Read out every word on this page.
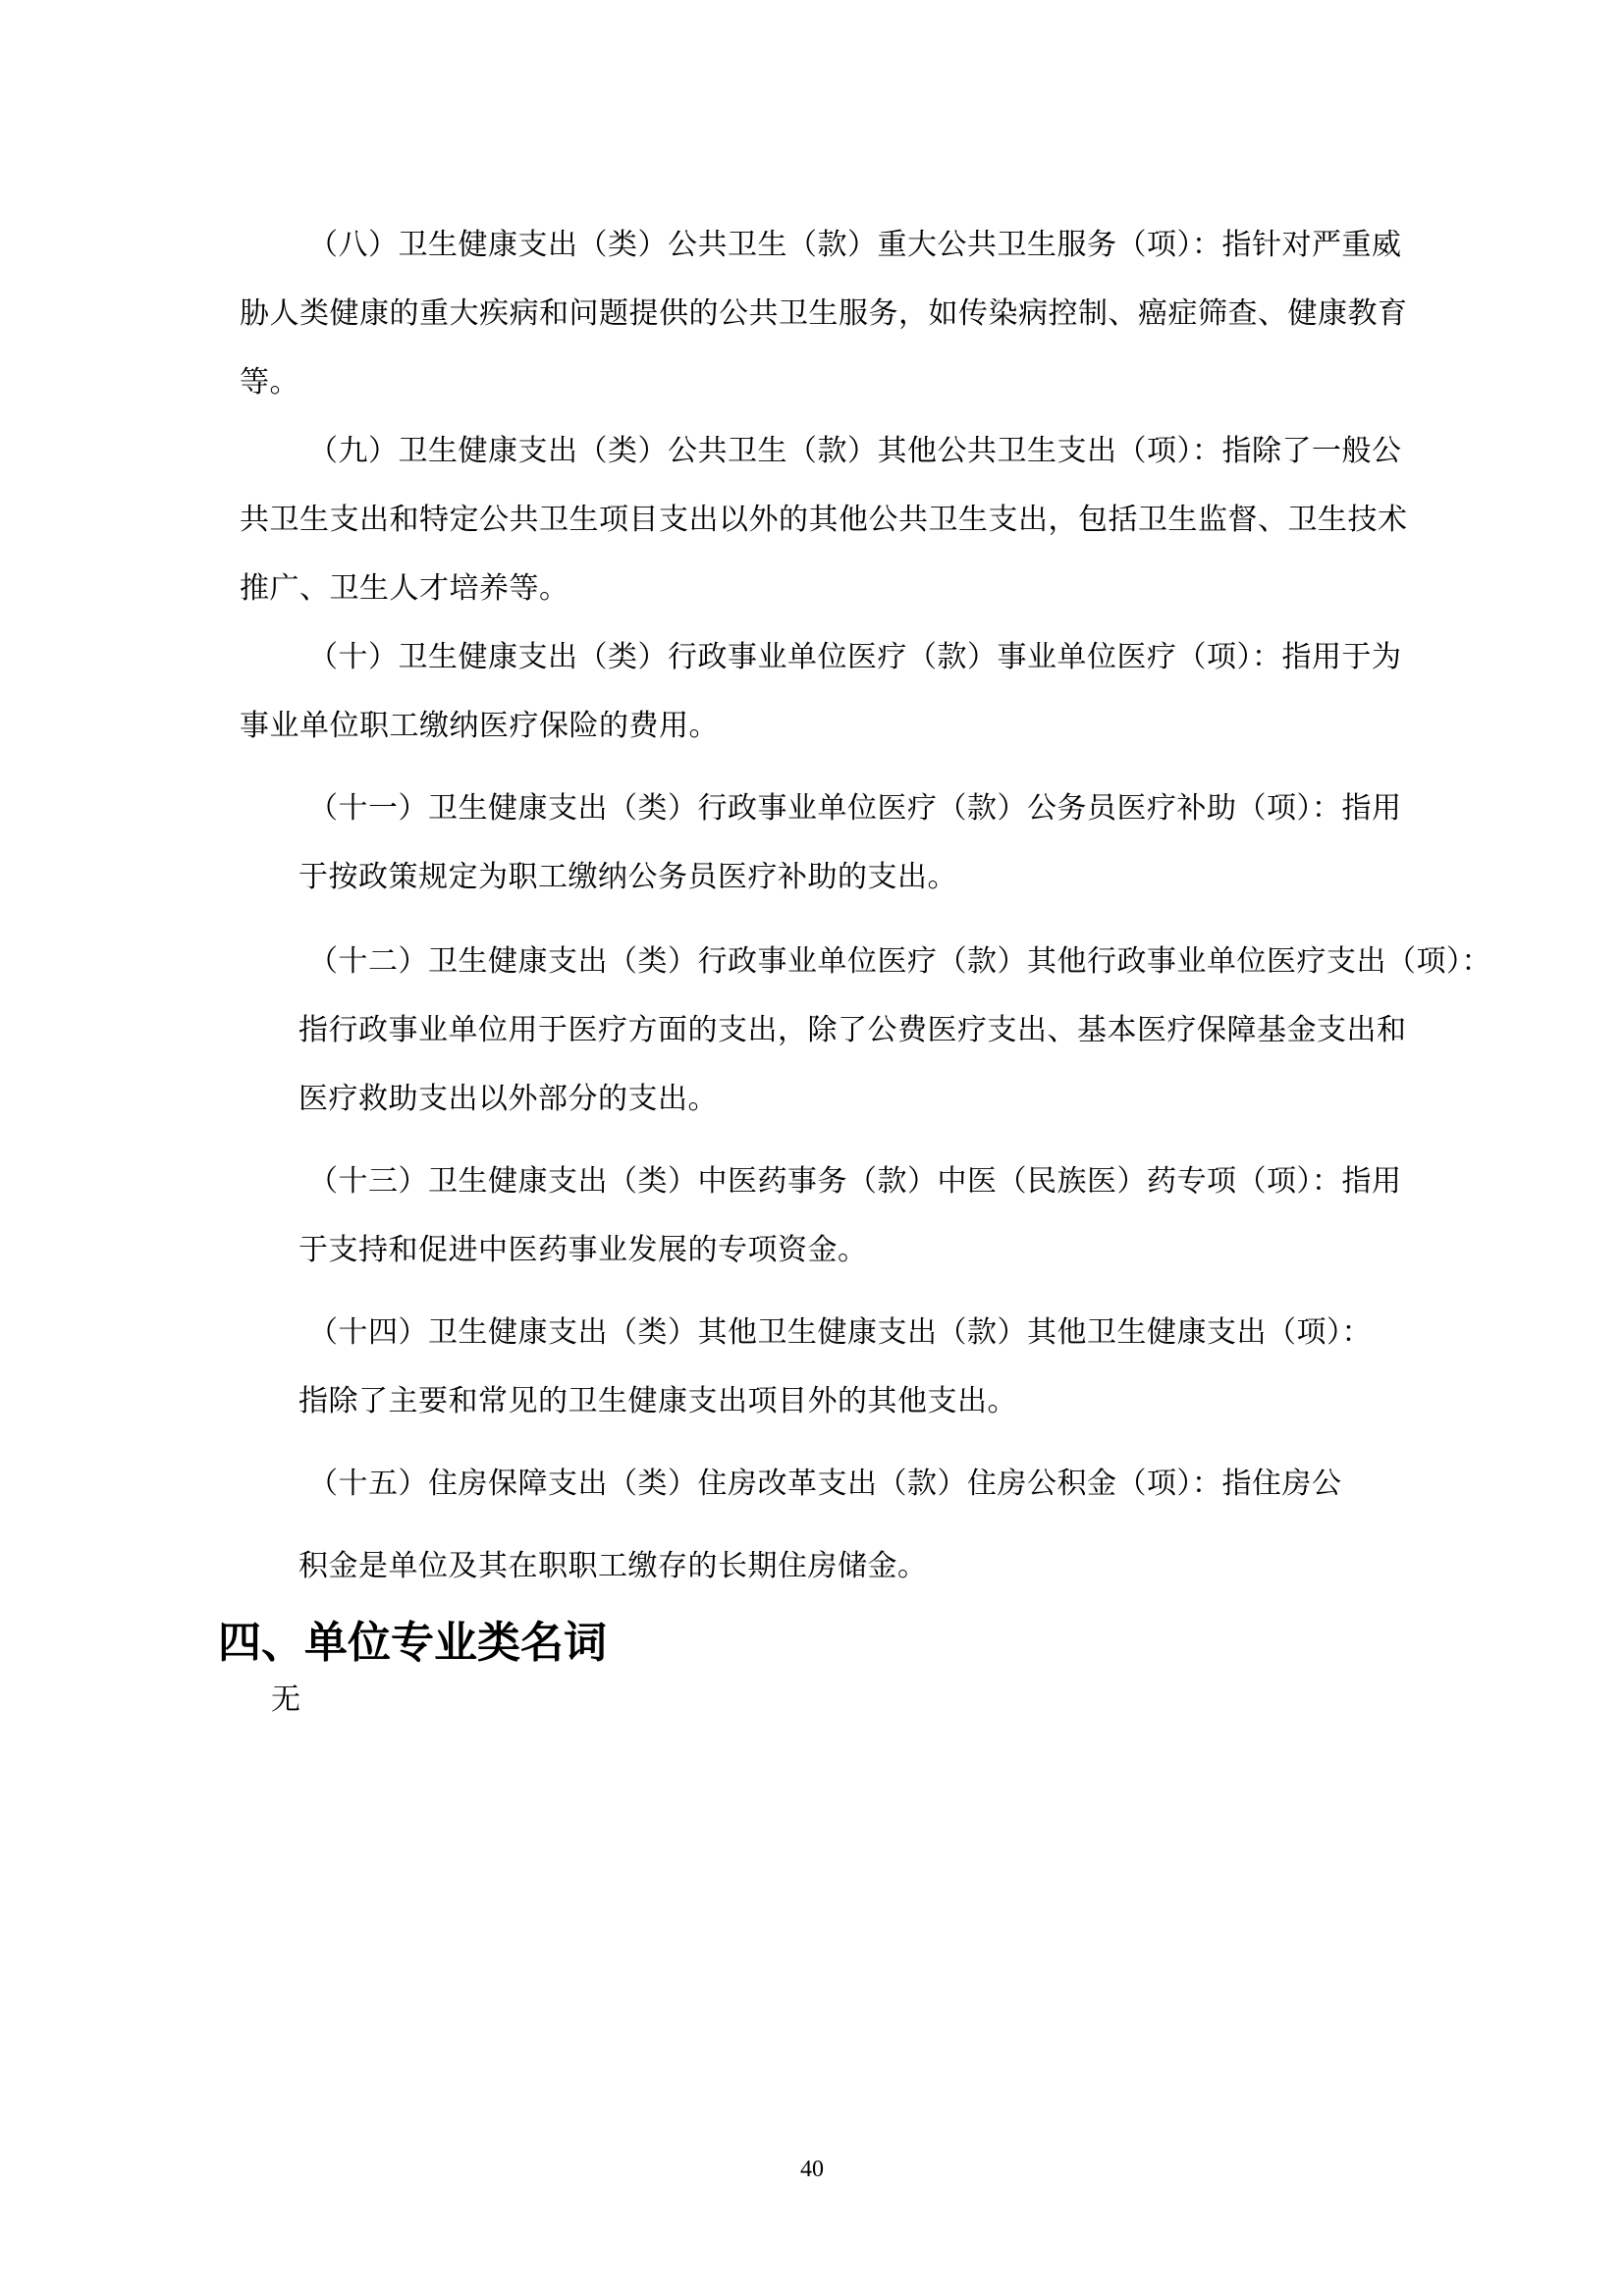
（八）卫生健康支出（类）公共卫生（款）重大公共卫生服务（项）：指针对严重威

胁人类健康的重大疾病和问题提供的公共卫生服务，如传染病控制、癌症筛查、健康教育

等。

（九）卫生健康支出（类）公共卫生（款）其他公共卫生支出（项）：指除了一般公

共卫生支出和特定公共卫生项目支出以外的其他公共卫生支出，包括卫生监督、卫生技术

推广、卫生人才培养等。

（十）卫生健康支出（类）行政事业单位医疗（款）事业单位医疗（项）：指用于为

事业单位职工缴纳医疗保险的费用。

（十一）卫生健康支出（类）行政事业单位医疗（款）公务员医疗补助（项）：指用

于按政策规定为职工缴纳公务员医疗补助的支出。

（十二）卫生健康支出（类）行政事业单位医疗（款）其他行政事业单位医疗支出（项）：

指行政事业单位用于医疗方面的支出，除了公费医疗支出、基本医疗保障基金支出和

医疗救助支出以外部分的支出。

（十三）卫生健康支出（类）中医药事务（款）中医（民族医）药专项（项）：指用

于支持和促进中医药事业发展的专项资金。

（十四）卫生健康支出（类）其他卫生健康支出（款）其他卫生健康支出（项）：

指除了主要和常见的卫生健康支出项目外的其他支出。

（十五）住房保障支出（类）住房改革支出（款）住房公积金（项）：指住房公

积金是单位及其在职职工缴存的长期住房储金。

四、单位专业类名词

无

40
